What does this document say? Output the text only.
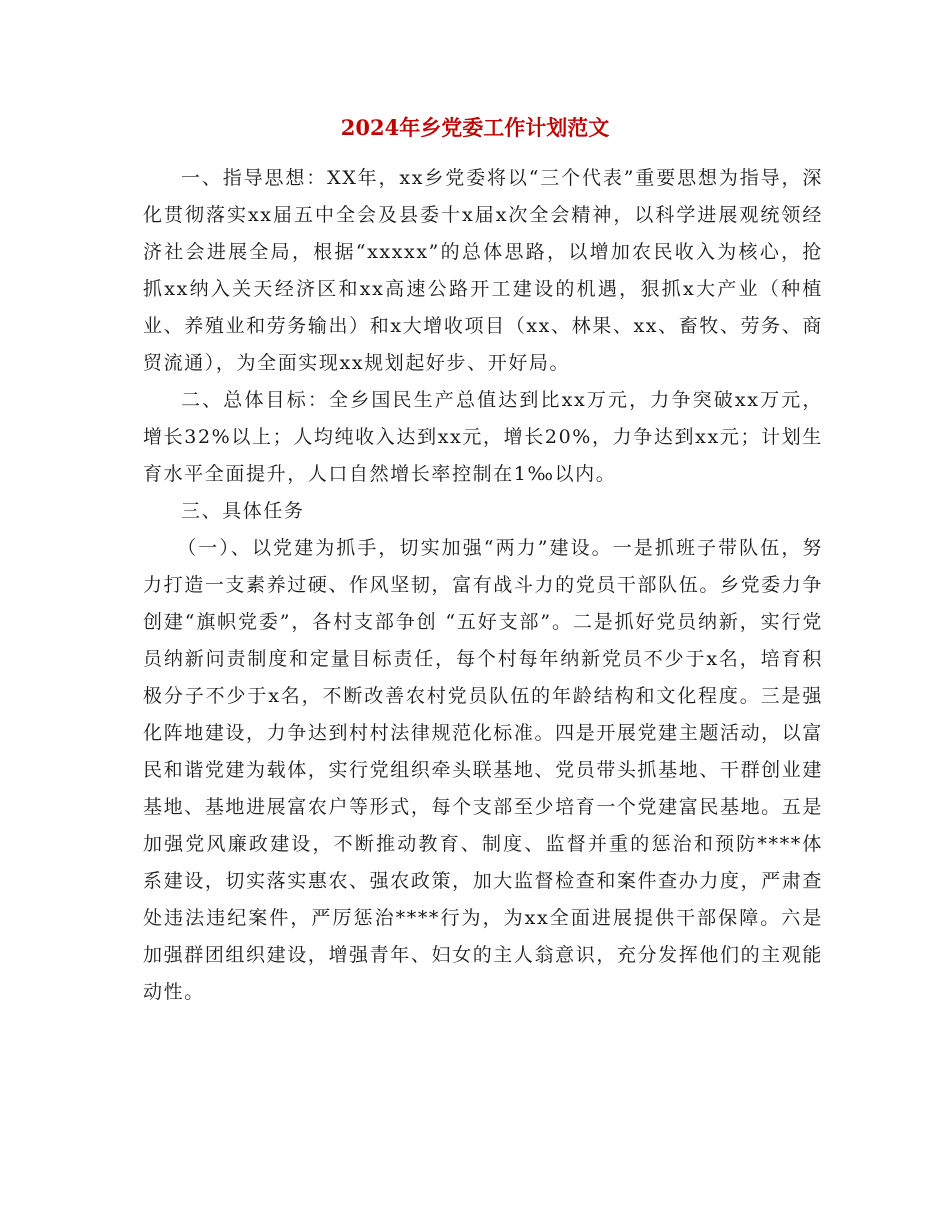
2024年乡党委工作计划范文

一、指导思想：XX年，xx乡党委将以“三个代表”重要思想为指导，深化贯彻落实xx届五中全会及县委十x届x次全会精神，以科学进展观统领经济社会进展全局，根据“xxxxx”的总体思路，以增加农民收入为核心，抢抓xx纳入关天经济区和xx高速公路开工建设的机遇，狠抓x大产业（种植业、养殖业和劳务输出）和x大增收项目（xx、林果、xx、畜牧、劳务、商贸流通），为全面实现xx规划起好步、开好局。

二、总体目标：全乡国民生产总值达到比xx万元，力争突破xx万元，增长32%以上；人均纯收入达到xx元，增长20%，力争达到xx元；计划生育水平全面提升，人口自然增长率控制在1‰以内。

三、具体任务

（一）、以党建为抓手，切实加强“两力”建设。一是抓班子带队伍，努力打造一支素养过硬、作风坚韧，富有战斗力的党员干部队伍。乡党委力争创建“旗帜党委”，各村支部争创 “五好支部”。二是抓好党员纳新，实行党员纳新问责制度和定量目标责任，每个村每年纳新党员不少于x名，培育积极分子不少于x名，不断改善农村党员队伍的年龄结构和文化程度。三是强化阵地建设，力争达到村村法律规范化标准。四是开展党建主题活动，以富民和谐党建为载体，实行党组织牵头联基地、党员带头抓基地、干群创业建基地、基地进展富农户等形式，每个支部至少培育一个党建富民基地。五是加强党风廉政建设，不断推动教育、制度、监督并重的惩治和预防****体系建设，切实落实惠农、强农政策，加大监督检查和案件查办力度，严肃查处违法违纪案件，严厉惩治****行为，为xx全面进展提供干部保障。六是加强群团组织建设，增强青年、妇女的主人翁意识，充分发挥他们的主观能动性。
